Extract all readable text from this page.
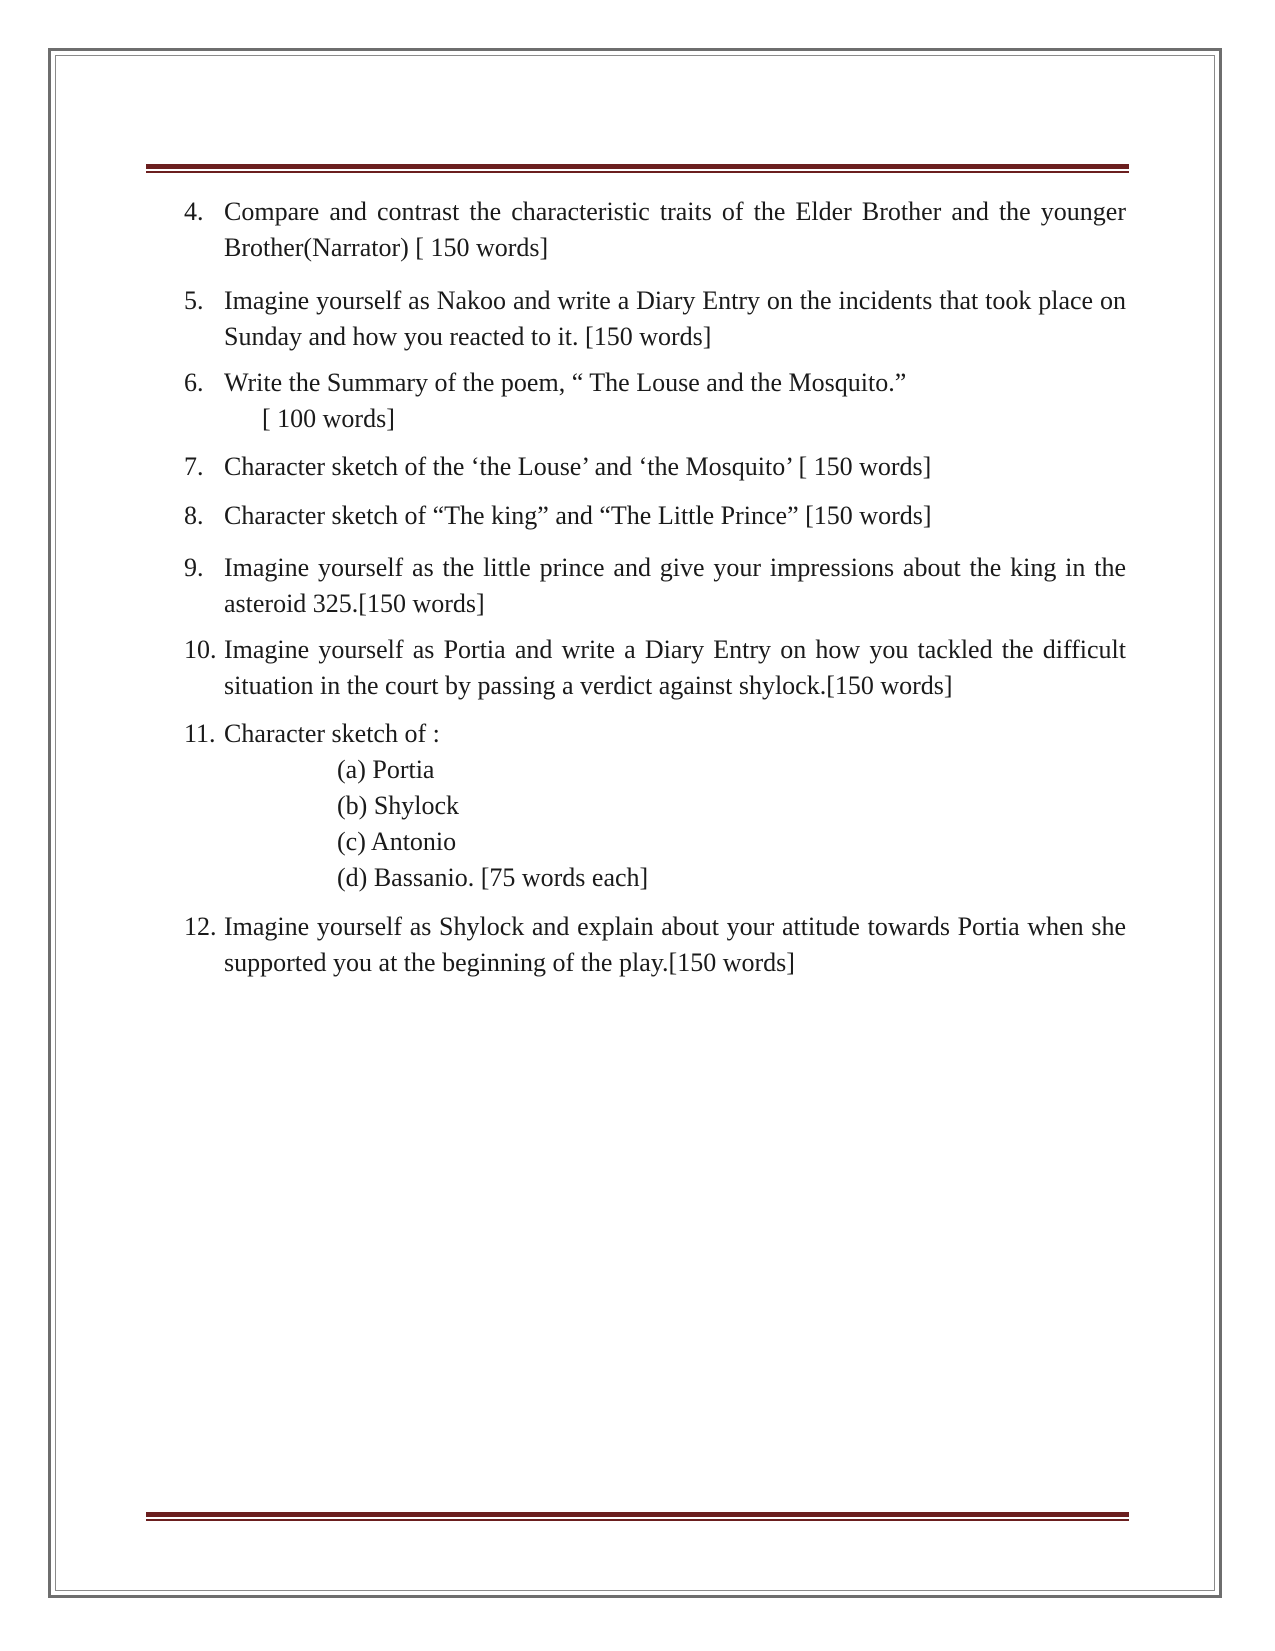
4. Compare and contrast the characteristic traits of the Elder Brother and the younger Brother(Narrator) [ 150 words]
5. Imagine yourself as Nakoo and write a Diary Entry on the incidents that took place on Sunday and how you reacted to it. [150 words]
6. Write the Summary of the poem, “ The Louse and the Mosquito.”
[ 100 words]
7. Character sketch of the ‘the Louse’ and ‘the Mosquito’ [ 150 words]
8. Character sketch of “The king” and “The Little Prince” [150 words]
9. Imagine yourself as the little prince and give your impressions about the king in the asteroid 325.[150 words]
10. Imagine yourself as Portia and write a Diary Entry on how you tackled the difficult situation in the court by passing a verdict against shylock.[150 words]
11. Character sketch of :
(a) Portia
(b) Shylock
(c) Antonio
(d) Bassanio. [75 words each]
12. Imagine yourself as Shylock and explain about your attitude towards Portia when she supported you at the beginning of the play.[150 words]
